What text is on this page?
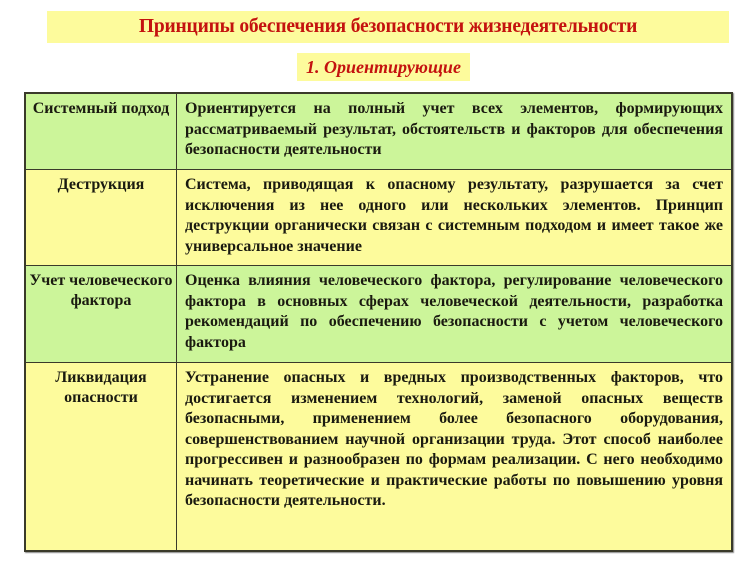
Принципы обеспечения безопасности жизнедеятельности
1. Ориентирующие
Системный подход Ориентируется на полный учет всех элементов, формирующих рассматриваемый результат, обстоятельств и факторов для обеспечения безопасности деятельности
Деструкция	Система, приводящая к опасному результату, разрушается за счет исключения из нее одного или нескольких элементов. Принцип деструкции органически связан с системным подходом и имеет такое же универсальное значение
Учет человеческого фактора
Оценка влияния человеческого фактора, регулирование человеческого фактора в основных сферах человеческой деятельности, разработка рекомендаций по обеспечению безопасности с учетом человеческого фактора
Ликвидация опасности
Устранение опасных и вредных производственных факторов, что достигается изменением технологий, заменой опасных веществ безопасными, применением более безопасного оборудования, совершенствованием научной организации труда. Этот способ наиболее прогрессивен и разнообразен по формам реализации. С него необходимо начинать теоретические и практические работы по повышению уровня безопасности деятельности.
